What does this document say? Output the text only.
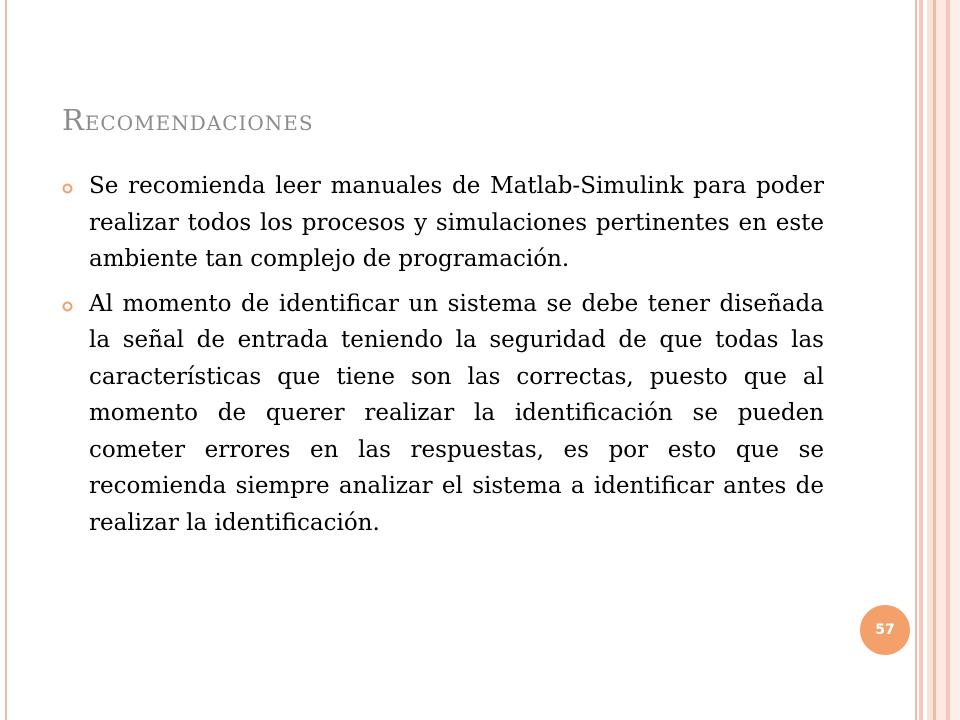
Recomendaciones
Se recomienda leer manuales de Matlab-Simulink para poder realizar todos los procesos y simulaciones pertinentes en este ambiente tan complejo de programación.
Al momento de identificar un sistema se debe tener diseñada la señal de entrada teniendo la seguridad de que todas las características que tiene son las correctas, puesto que al momento de querer realizar la identificación se pueden cometer errores en las respuestas, es por esto que se recomienda siempre analizar el sistema a identificar antes de realizar la identificación.
57
